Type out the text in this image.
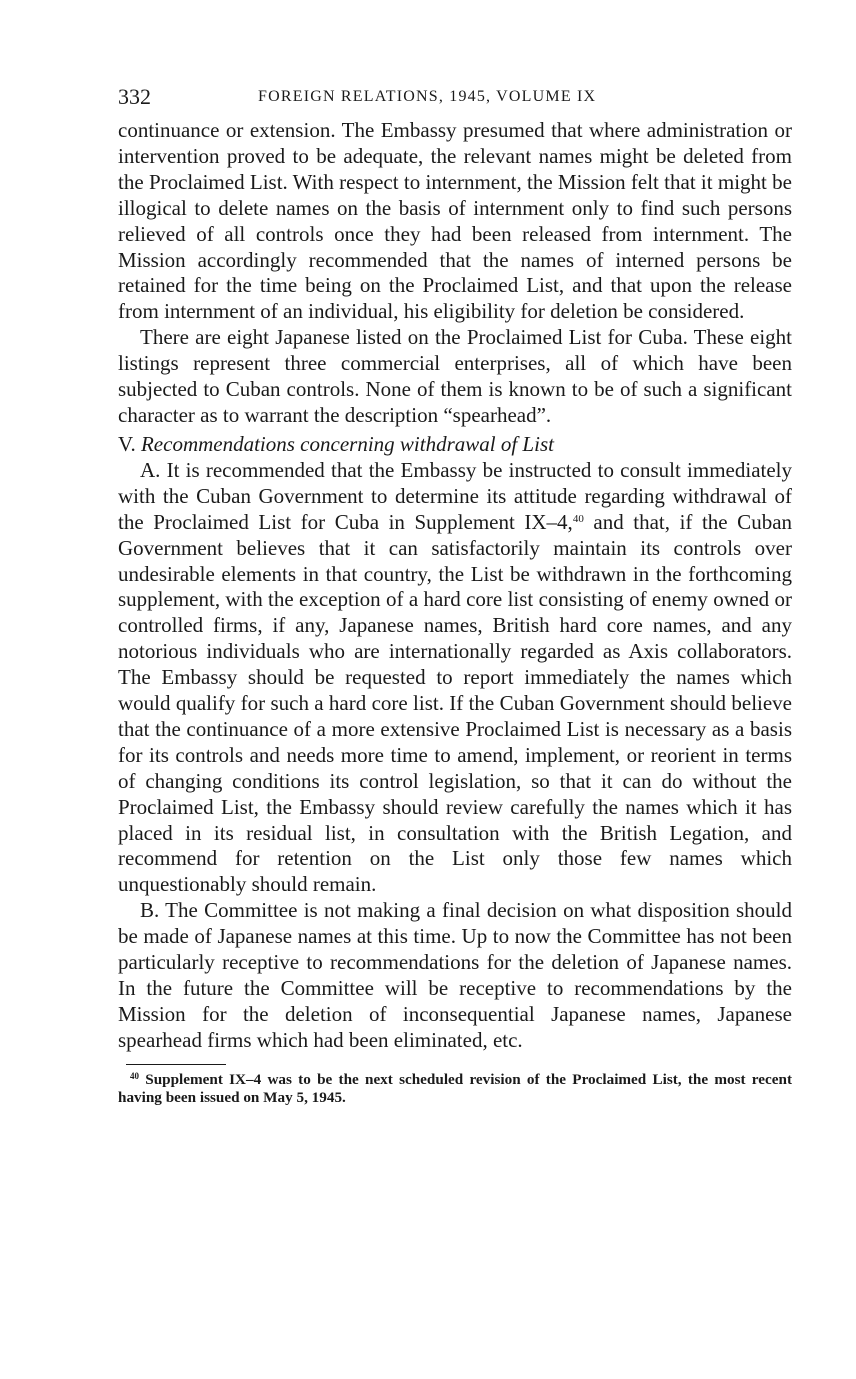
332	FOREIGN RELATIONS, 1945, VOLUME IX

continuance or extension. The Embassy presumed that where administration or intervention proved to be adequate, the relevant names might be deleted from the Proclaimed List. With respect to internment, the Mission felt that it might be illogical to delete names on the basis of internment only to find such persons relieved of all controls once they had been released from internment. The Mission accordingly recommended that the names of interned persons be retained for the time being on the Proclaimed List, and that upon the release from internment of an individual, his eligibility for deletion be considered.

There are eight Japanese listed on the Proclaimed List for Cuba. These eight listings represent three commercial enterprises, all of which have been subjected to Cuban controls. None of them is known to be of such a significant character as to warrant the description “spearhead”.

V. Recommendations concerning withdrawal of List

A. It is recommended that the Embassy be instructed to consult immediately with the Cuban Government to determine its attitude regarding withdrawal of the Proclaimed List for Cuba in Supplement IX–4,40 and that, if the Cuban Government believes that it can satisfactorily maintain its controls over undesirable elements in that country, the List be withdrawn in the forthcoming supplement, with the exception of a hard core list consisting of enemy owned or controlled firms, if any, Japanese names, British hard core names, and any notorious individuals who are internationally regarded as Axis collaborators. The Embassy should be requested to report immediately the names which would qualify for such a hard core list. If the Cuban Government should believe that the continuance of a more extensive Proclaimed List is necessary as a basis for its controls and needs more time to amend, implement, or reorient in terms of changing conditions its control legislation, so that it can do without the Proclaimed List, the Embassy should review carefully the names which it has placed in its residual list, in consultation with the British Legation, and recommend for retention on the List only those few names which unquestionably should remain.

B. The Committee is not making a final decision on what disposition should be made of Japanese names at this time. Up to now the Committee has not been particularly receptive to recommendations for the deletion of Japanese names. In the future the Committee will be receptive to recommendations by the Mission for the deletion of inconsequential Japanese names, Japanese spearhead firms which had been eliminated, etc.

$^{40}$ Supplement IX–4 was to be the next scheduled revision of the Proclaimed List, the most recent having been issued on May 5, 1945.
